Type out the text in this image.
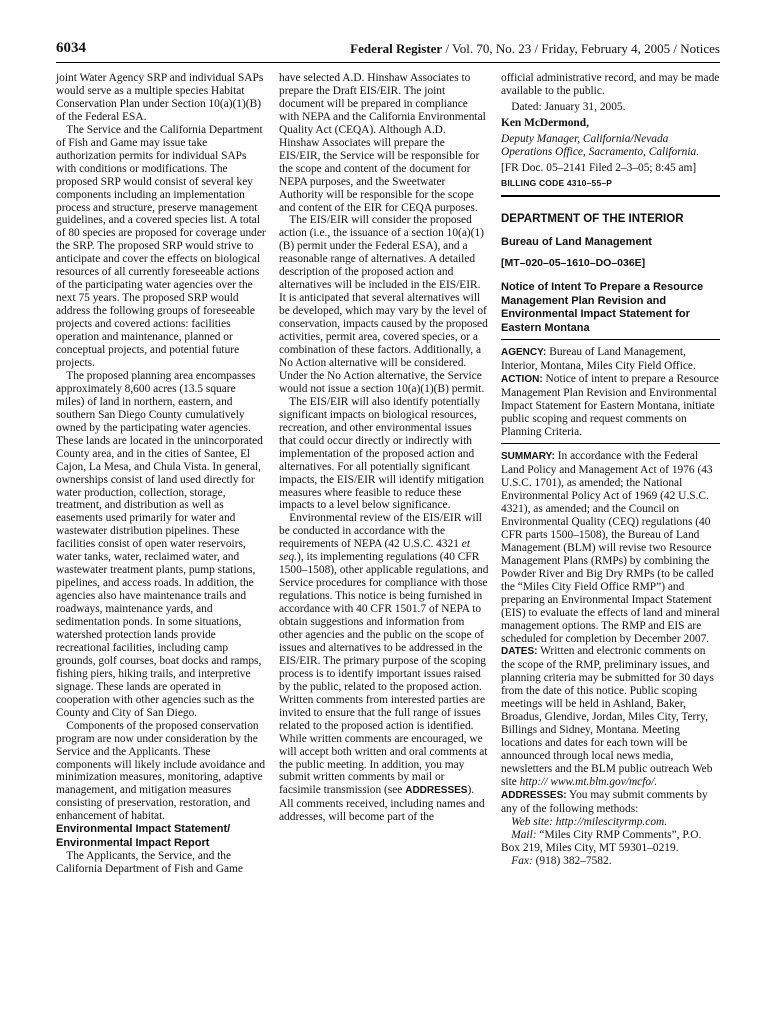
6034	Federal Register / Vol. 70, No. 23 / Friday, February 4, 2005 / Notices

joint Water Agency SRP and individual SAPs would serve as a multiple species Habitat Conservation Plan under Section 10(a)(1)(B) of the Federal ESA.

The Service and the California Department of Fish and Game may issue take authorization permits for individual SAPs with conditions or modifications. The proposed SRP would consist of several key components including an implementation process and structure, preserve management guidelines, and a covered species list. A total of 80 species are proposed for coverage under the SRP. The proposed SRP would strive to anticipate and cover the effects on biological resources of all currently foreseeable actions of the participating water agencies over the next 75 years. The proposed SRP would address the following groups of foreseeable projects and covered actions: facilities operation and maintenance, planned or conceptual projects, and potential future projects.

The proposed planning area encompasses approximately 8,600 acres (13.5 square miles) of land in northern, eastern, and southern San Diego County cumulatively owned by the participating water agencies. These lands are located in the unincorporated County area, and in the cities of Santee, El Cajon, La Mesa, and Chula Vista. In general, ownerships consist of land used directly for water production, collection, storage, treatment, and distribution as well as easements used primarily for water and wastewater distribution pipelines. These facilities consist of open water reservoirs, water tanks, water, reclaimed water, and wastewater treatment plants, pump stations, pipelines, and access roads. In addition, the agencies also have maintenance trails and roadways, maintenance yards, and sedimentation ponds. In some situations, watershed protection lands provide recreational facilities, including camp grounds, golf courses, boat docks and ramps, fishing piers, hiking trails, and interpretive signage. These lands are operated in cooperation with other agencies such as the County and City of San Diego.

Components of the proposed conservation program are now under consideration by the Service and the Applicants. These components will likely include avoidance and minimization measures, monitoring, adaptive management, and mitigation measures consisting of preservation, restoration, and enhancement of habitat.

Environmental Impact Statement/ Environmental Impact Report

The Applicants, the Service, and the California Department of Fish and Game

have selected A.D. Hinshaw Associates to prepare the Draft EIS/EIR. The joint document will be prepared in compliance with NEPA and the California Environmental Quality Act (CEQA). Although A.D. Hinshaw Associates will prepare the EIS/EIR, the Service will be responsible for the scope and content of the document for NEPA purposes, and the Sweetwater Authority will be responsible for the scope and content of the EIR for CEQA purposes.

The EIS/EIR will consider the proposed action (i.e., the issuance of a section 10(a)(1)(B) permit under the Federal ESA), and a reasonable range of alternatives. A detailed description of the proposed action and alternatives will be included in the EIS/EIR. It is anticipated that several alternatives will be developed, which may vary by the level of conservation, impacts caused by the proposed activities, permit area, covered species, or a combination of these factors. Additionally, a No Action alternative will be considered. Under the No Action alternative, the Service would not issue a section 10(a)(1)(B) permit.

The EIS/EIR will also identify potentially significant impacts on biological resources, recreation, and other environmental issues that could occur directly or indirectly with implementation of the proposed action and alternatives. For all potentially significant impacts, the EIS/EIR will identify mitigation measures where feasible to reduce these impacts to a level below significance.

Environmental review of the EIS/EIR will be conducted in accordance with the requirements of NEPA (42 U.S.C. 4321 et seq.), its implementing regulations (40 CFR 1500–1508), other applicable regulations, and Service procedures for compliance with those regulations. This notice is being furnished in accordance with 40 CFR 1501.7 of NEPA to obtain suggestions and information from other agencies and the public on the scope of issues and alternatives to be addressed in the EIS/EIR. The primary purpose of the scoping process is to identify important issues raised by the public, related to the proposed action. Written comments from interested parties are invited to ensure that the full range of issues related to the proposed action is identified. While written comments are encouraged, we will accept both written and oral comments at the public meeting. In addition, you may submit written comments by mail or facsimile transmission (see ADDRESSES). All comments received, including names and addresses, will become part of the

official administrative record, and may be made available to the public.

Dated: January 31, 2005.

Ken McDermond,

Deputy Manager, California/Nevada Operations Office, Sacramento, California.

[FR Doc. 05–2141 Filed 2–3–05; 8:45 am]

BILLING CODE 4310–55–P

DEPARTMENT OF THE INTERIOR

Bureau of Land Management

[MT–020–05–1610–DO–036E]

Notice of Intent To Prepare a Resource Management Plan Revision and Environmental Impact Statement for Eastern Montana

AGENCY: Bureau of Land Management, Interior, Montana, Miles City Field Office.

ACTION: Notice of intent to prepare a Resource Management Plan Revision and Environmental Impact Statement for Eastern Montana, initiate public scoping and request comments on Planning Criteria.

SUMMARY: In accordance with the Federal Land Policy and Management Act of 1976 (43 U.S.C. 1701), as amended; the National Environmental Policy Act of 1969 (42 U.S.C. 4321), as amended; and the Council on Environmental Quality (CEQ) regulations (40 CFR parts 1500–1508), the Bureau of Land Management (BLM) will revise two Resource Management Plans (RMPs) by combining the Powder River and Big Dry RMPs (to be called the “Miles City Field Office RMP”) and preparing an Environmental Impact Statement (EIS) to evaluate the effects of land and mineral management options. The RMP and EIS are scheduled for completion by December 2007.

DATES: Written and electronic comments on the scope of the RMP, preliminary issues, and planning criteria may be submitted for 30 days from the date of this notice. Public scoping meetings will be held in Ashland, Baker, Broadus, Glendive, Jordan, Miles City, Terry, Billings and Sidney, Montana. Meeting locations and dates for each town will be announced through local news media, newsletters and the BLM public outreach Web site http:// www.mt.blm.gov/mcfo/.

ADDRESSES: You may submit comments by any of the following methods:

Web site: http://milescityrmp.com.

Mail: “Miles City RMP Comments”, P.O. Box 219, Miles City, MT 59301–0219.

Fax: (918) 382–7582.
